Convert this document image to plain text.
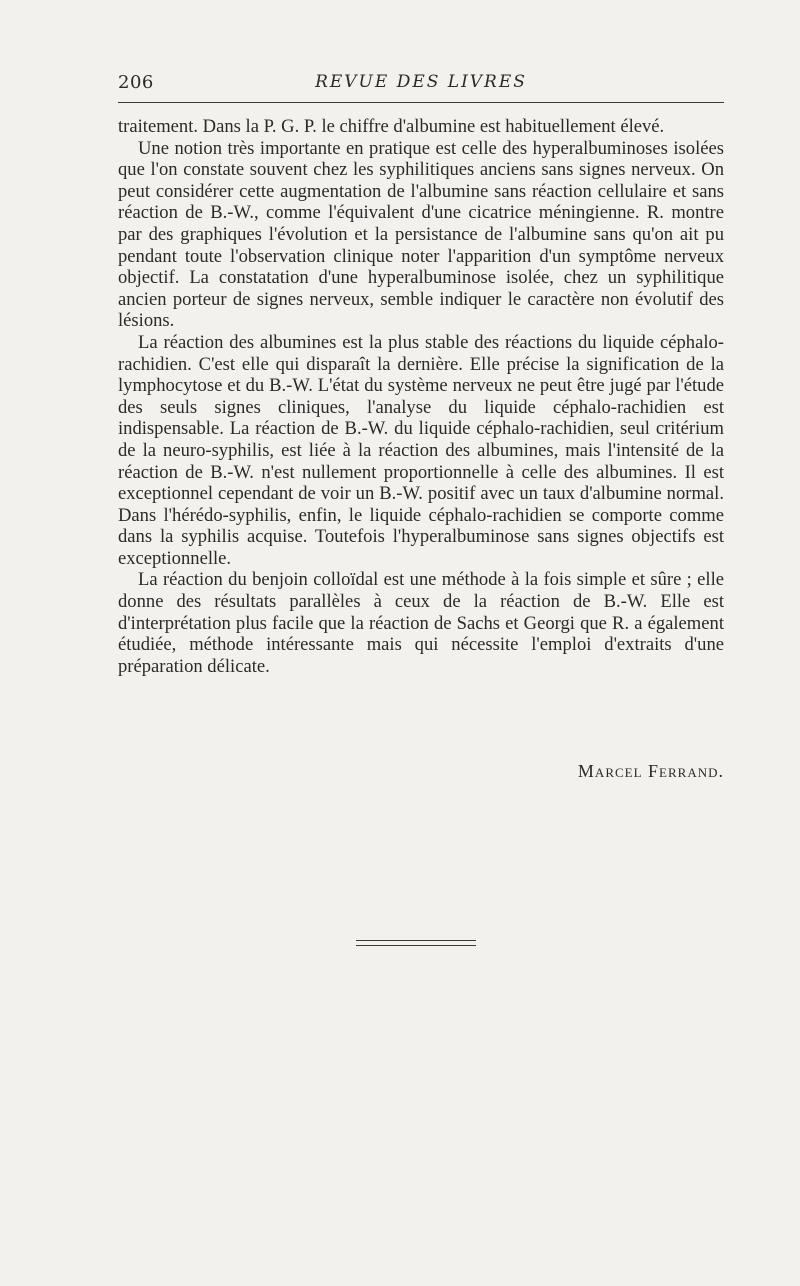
206	REVUE DES LIVRES

traitement. Dans la P. G. P. le chiffre d'albumine est habituellement élevé.

Une notion très importante en pratique est celle des hyperalbuminoses isolées que l'on constate souvent chez les syphilitiques anciens sans signes nerveux. On peut considérer cette augmentation de l'albumine sans réaction cellulaire et sans réaction de B.-W., comme l'équivalent d'une cicatrice méningienne. R. montre par des graphiques l'évolution et la persistance de l'albumine sans qu'on ait pu pendant toute l'observation clinique noter l'apparition d'un symptôme nerveux objectif. La constatation d'une hyperalbuminose isolée, chez un syphilitique ancien porteur de signes nerveux, semble indiquer le caractère non évolutif des lésions.

La réaction des albumines est la plus stable des réactions du liquide céphalo-rachidien. C'est elle qui disparaît la dernière. Elle précise la signification de la lymphocytose et du B.-W. L'état du système nerveux ne peut être jugé par l'étude des seuls signes cliniques, l'analyse du liquide céphalo-rachidien est indispensable. La réaction de B.-W. du liquide céphalo-rachidien, seul critérium de la neuro-syphilis, est liée à la réaction des albumines, mais l'intensité de la réaction de B.-W. n'est nullement proportionnelle à celle des albumines. Il est exceptionnel cependant de voir un B.-W. positif avec un taux d'albumine normal. Dans l'hérédo-syphilis, enfin, le liquide céphalo-rachidien se comporte comme dans la syphilis acquise. Toutefois l'hyperalbuminose sans signes objectifs est exceptionnelle.

La réaction du benjoin colloïdal est une méthode à la fois simple et sûre ; elle donne des résultats parallèles à ceux de la réaction de B.-W. Elle est d'interprétation plus facile que la réaction de Sachs et Georgi que R. a également étudiée, méthode intéressante mais qui nécessite l'emploi d'extraits d'une préparation délicate.

Marcel Ferrand.
